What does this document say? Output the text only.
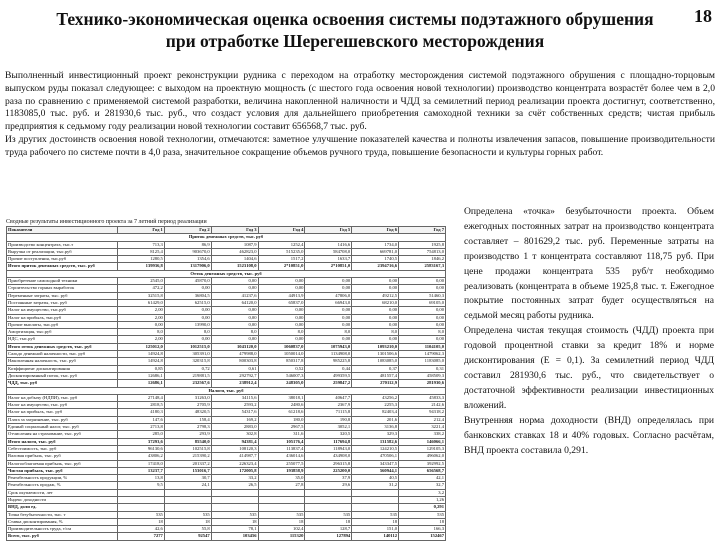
Технико-экономическая оценка освоения системы подэтажного обрушения при отработке Шерегешевского месторождения
18

Выполненный инвестиционный проект реконструкции рудника с переходом на отработку месторождения системой подэтажного обрушения с площадно-торцовым выпуском руды показал следующее: с выходом на проектную мощность (с шестого года освоения новой технологии) производство концентрата возрастёт более чем в 2,0 раза по сравнению с применяемой системой разработки, величина накопленной наличности и ЧДД за семилетний период реализации проекта достигнут, соответственно, 1183085,0 тыс. руб. и 281930,6 тыс. руб., что создаст условия для дальнейшего приобретения самоходной техники за счёт собственных средств; чистая прибыль предприятия к седьмому году реализации новой технологии составит 656568,7 тыс. руб.

Из других достоинств освоения новой технологии, отмечаются: заметное улучшение показателей качества и полноты извлечения запасов, повышение производительности труда рабочего по системе почти в 4,0 раза, значительное сокращение объемов ручного труда, повышение безопасности и культуры горных работ.

Сводные результаты инвестиционного проекта за 7 летний период реализации
Показатели	Год 1	Год 2	Год 3	Год 4	Год 5	Год 6	Год 7
Приток денежных средств, тыс. руб							
Производство концентрата, тыс.т	713,3	86,9	1087,9	1252,4	1416,6	1734,0	1925,8
Выручка от реализации, тыс.руб	8125,4	903670,0	462823,0	515235,0	584708,0	669781,0	754813,0
Прочие поступления, тыс.руб	1280,5	1354,6	1404,6	1517,2	1633,7	1740,5	1846,2
Итого приток денежных средств, тыс. руб	139936,8	1317906,0	1523108,0	2*10851,0	2*10851,0	2394716,6	2583167,3
Отток денежных средств, тыс. руб							
Приобретение самоходной техники	2545,0	45870,0	0,00	0,00	0,00	0,00	0,00
Строительство горных выработок	472,2	0,00	0,00	0,00	0,00	0,00	0,00
Переменные затраты, тыс. руб	32515,8	36804,5	41237,6	44913,9	47806,0	49212,5	51460,3
Постоянные затраты, тыс. руб	61429,0	62515,0	64120,0	65837,0	66943,0	68210,0	69105,0
Налог на имущество, тыс.руб	2,00	0,00	0,00	0,00	0,00	0,00	0,00
Налог на прибыль, тыс.руб	2,00	0,00	0,00	0,00	0,00	0,00	0,00
Прочие выплаты, тыс.руб	0,00	13990,0	0,00	0,00	0,00	0,00	0,00
Амортизация, тыс.руб	8,0	8,0	8,0	8,0	8,0	8,0	8,0
НДС, тыс.руб	2,00	0,00	0,00	0,00	0,00	0,00	0,00
Итого отток денежных средств, тыс. руб	125012,0	1012515,0	1043120,0	1060837,0	1075943,0	1093210,0	1104105,0
Сальдо денежной наличности, тыс. руб	14924,8	305391,0	479988,0	1050014,0	1134908,0	1301506,6	1479062,3
Накопленная наличность, тыс. руб	14924,8	320315,8	800303,8	850317,8	985225,8	1083085,0	1183085,0
Коэффициент дисконтирования	0,85	0,72	0,61	0,52	0,44	0,37	0,31
Дисконтированный поток, тыс. руб	12686,1	219881,5	292792,7	546007,3	499359,5	481557,4	458509,3
ЧДД, тыс. руб	12686,1	232567,6	238912,4	248305,0	259847,2	270112,9	281930,6
Налоги, тыс. руб							
Налог на добычу (НДПИ), тыс. руб	27148,4	31263,0	34115,6	38018,1	40647,7	43256,2	45833,3
Налог на имущество, тыс. руб	2818,5	2705,9	2593,2	2480,6	2367,9	2255,3	2142,6
Налог на прибыль, тыс. руб	4180,3	48320,5	54317,6	61218,6	71115,8	82403,4	94318,2
Плата за загрязнение, тыс. руб	147,6	158,4	169,2	180,0	190,8	201,6	212,4
Единый социальный налог, тыс. руб	2713,8	2798,3	2883,0	2967,5	3052,1	3136,8	3221,4
Отчисления на страхование, тыс. руб	285,0	293,9	302,8	311,6	320,5	329,3	338,2
Итого налоги, тыс. руб	37293,6	85540,0	94381,4	105176,4	117694,8	131582,6	146066,1
Себестоимость, тыс. руб	96130,6	102515,8	108120,3	113837,4	118943,0	124210,5	129105,3
Валовая прибыль, тыс. руб	43806,2	215390,2	414987,7	436014,6	434908,0	470506,1	496062,0
Налогооблагаемая прибыль, тыс. руб	17418,0	201337,2	226323,4	255077,5	296315,8	343347,5	392992,5
Чистая прибыль, тыс. руб	13237,7	153016,7	172005,8	193858,9	225200,0	560944,1	656568,7
Рентабельность продукции, %	13,8	30,7	33,2	35,0	37,9	40,5	42,1
Рентабельность продаж, %	9,5	24,1	26,5	27,8	29,6	31,2	32,7
Срок окупаемости, лет							3,2
Индекс доходности							1,26
ВНД, доли ед.							0,291
Точка безубыточности, тыс. т	535	535	535	535	535	535	535
Ставка дисконтирования, %	18	18	18	18	18	18	18
Производительность труда, т/см	42,6	55,8	78,1	102,4	128,7	151,0	166,3
Всего, тыс. руб	7277	92547	103456	115320	127894	140112	152467

Определена «точка» безубыточности проекта. Объем ежегодных постоянных затрат на производство концентрата составляет – 801629,2 тыс. руб. Переменные затраты на производство 1 т концентрата составляют 118,75 руб. При цене продажи концентрата 535 руб/т необходимо реализовать (концентрата в объеме 1925,8 тыс. т. Ежегодное покрытие постоянных затрат будет осуществляться на седьмой месяц работы рудника.

Определена чистая текущая стоимость (ЧДД) проекта при годовой процентной ставки за кредит 18% и норме дисконтирования (Е = 0,1). За семилетний период ЧДД составил 281930,6 тыс. руб., что свидетельствует о достаточной эффективности реализации инвестиционных вложений.

Внутренняя норма доходности (ВНД) определялась при банковских ставках 18 и 40% годовых. Согласно расчётам, ВНД проекта составила 0,291.
